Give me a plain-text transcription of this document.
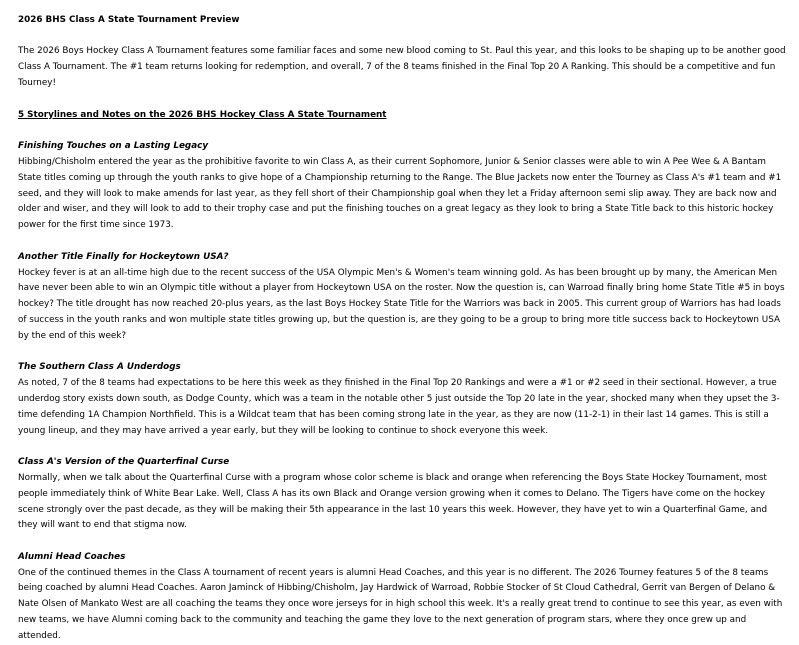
2026 BHS Class A State Tournament Preview

The 2026 Boys Hockey Class A Tournament features some familiar faces and some new blood coming to St. Paul this year, and this looks to be shaping up to be another good Class A Tournament. The #1 team returns looking for redemption, and overall, 7 of the 8 teams finished in the Final Top 20 A Ranking. This should be a competitive and fun Tourney!

5 Storylines and Notes on the 2026 BHS Hockey Class A State Tournament

Finishing Touches on a Lasting Legacy

Hibbing/Chisholm entered the year as the prohibitive favorite to win Class A, as their current Sophomore, Junior & Senior classes were able to win A Pee Wee & A Bantam State titles coming up through the youth ranks to give hope of a Championship returning to the Range. The Blue Jackets now enter the Tourney as Class A's #1 team and #1 seed, and they will look to make amends for last year, as they fell short of their Championship goal when they let a Friday afternoon semi slip away. They are back now and older and wiser, and they will look to add to their trophy case and put the finishing touches on a great legacy as they look to bring a State Title back to this historic hockey power for the first time since 1973.

Another Title Finally for Hockeytown USA?

Hockey fever is at an all-time high due to the recent success of the USA Olympic Men's & Women's team winning gold. As has been brought up by many, the American Men have never been able to win an Olympic title without a player from Hockeytown USA on the roster. Now the question is, can Warroad finally bring home State Title #5 in boys hockey? The title drought has now reached 20-plus years, as the last Boys Hockey State Title for the Warriors was back in 2005. This current group of Warriors has had loads of success in the youth ranks and won multiple state titles growing up, but the question is, are they going to be a group to bring more title success back to Hockeytown USA by the end of this week?

The Southern Class A Underdogs

As noted, 7 of the 8 teams had expectations to be here this week as they finished in the Final Top 20 Rankings and were a #1 or #2 seed in their sectional. However, a true underdog story exists down south, as Dodge County, which was a team in the notable other 5 just outside the Top 20 late in the year, shocked many when they upset the 3-time defending 1A Champion Northfield. This is a Wildcat team that has been coming strong late in the year, as they are now (11-2-1) in their last 14 games. This is still a young lineup, and they may have arrived a year early, but they will be looking to continue to shock everyone this week.

Class A's Version of the Quarterfinal Curse

Normally, when we talk about the Quarterfinal Curse with a program whose color scheme is black and orange when referencing the Boys State Hockey Tournament, most people immediately think of White Bear Lake. Well, Class A has its own Black and Orange version growing when it comes to Delano. The Tigers have come on the hockey scene strongly over the past decade, as they will be making their 5th appearance in the last 10 years this week. However, they have yet to win a Quarterfinal Game, and they will want to end that stigma now.

Alumni Head Coaches

One of the continued themes in the Class A tournament of recent years is alumni Head Coaches, and this year is no different. The 2026 Tourney features 5 of the 8 teams being coached by alumni Head Coaches. Aaron Jaminck of Hibbing/Chisholm, Jay Hardwick of Warroad, Robbie Stocker of St Cloud Cathedral, Gerrit van Bergen of Delano & Nate Olsen of Mankato West are all coaching the teams they once wore jerseys for in high school this week. It's a really great trend to continue to see this year, as even with new teams, we have Alumni coming back to the community and teaching the game they love to the next generation of program stars, where they once grew up and attended.
